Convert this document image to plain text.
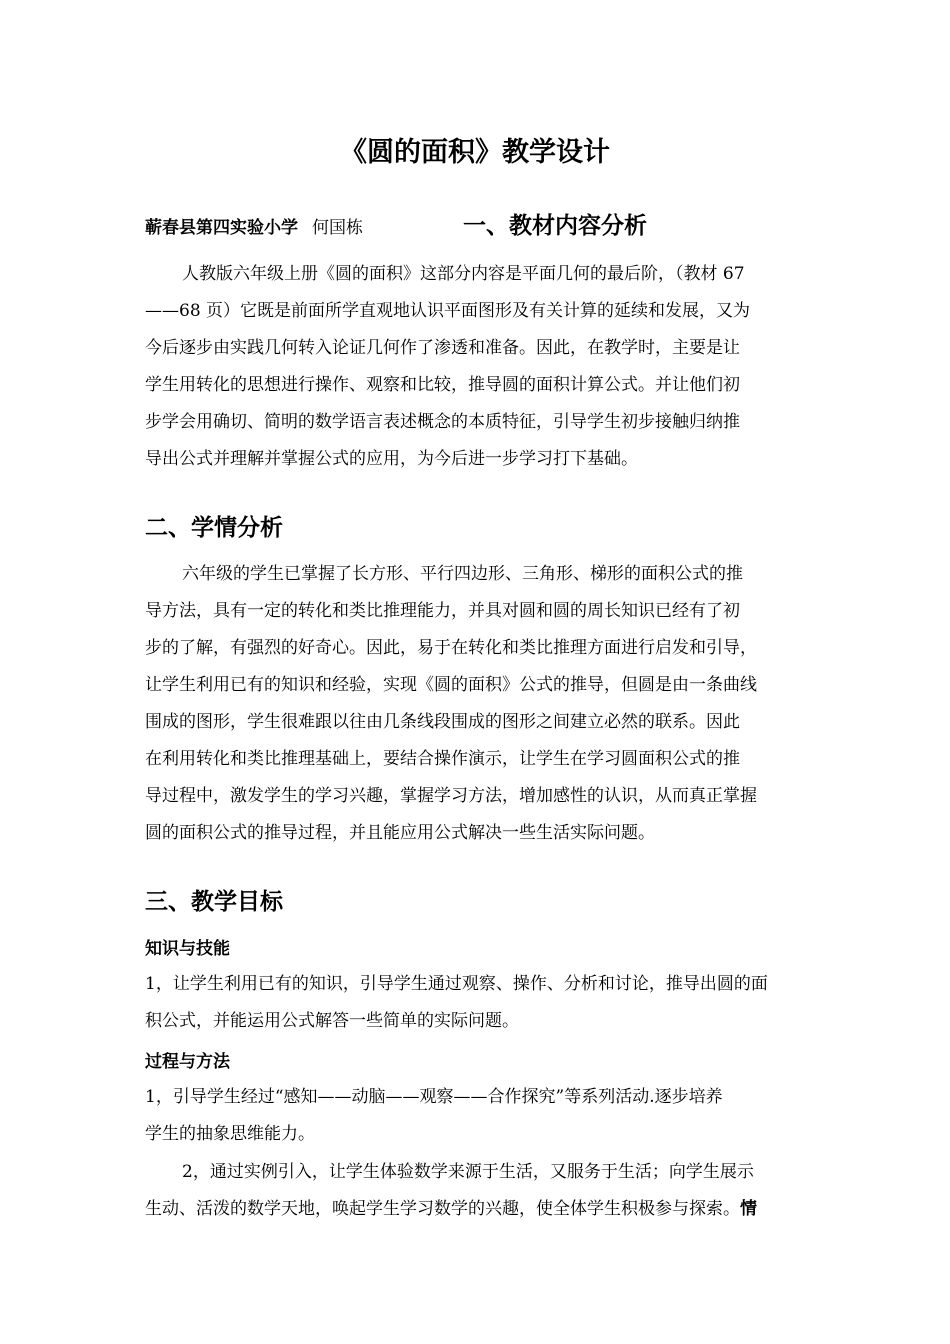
《圆的面积》教学设计
蕲春县第四实验小学 何国栋	一、教材内容分析
人教版六年级上册《圆的面积》这部分内容是平面几何的最后阶，（教材 67
——68 页）它既是前面所学直观地认识平面图形及有关计算的延续和发展，又为
今后逐步由实践几何转入论证几何作了渗透和准备。因此，在教学时，主要是让
学生用转化的思想进行操作、观察和比较，推导圆的面积计算公式。并让他们初
步学会用确切、简明的数学语言表述概念的本质特征，引导学生初步接触归纳推
导出公式并理解并掌握公式的应用，为今后进一步学习打下基础。
二、学情分析
六年级的学生已掌握了长方形、平行四边形、三角形、梯形的面积公式的推
导方法，具有一定的转化和类比推理能力，并具对圆和圆的周长知识已经有了初
步的了解，有强烈的好奇心。因此，易于在转化和类比推理方面进行启发和引导，
让学生利用已有的知识和经验，实现《圆的面积》公式的推导，但圆是由一条曲线
围成的图形，学生很难跟以往由几条线段围成的图形之间建立必然的联系。因此
在利用转化和类比推理基础上，要结合操作演示，让学生在学习圆面积公式的推
导过程中，激发学生的学习兴趣，掌握学习方法，增加感性的认识，从而真正掌握
圆的面积公式的推导过程，并且能应用公式解决一些生活实际问题。
三、教学目标
知识与技能
1，让学生利用已有的知识，引导学生通过观察、操作、分析和讨论，推导出圆的面
积公式，并能运用公式解答一些简单的实际问题。
过程与方法
1，引导学生经过“感知——动脑——观察——合作探究”等系列活动.逐步培养
学生的抽象思维能力。
2，通过实例引入，让学生体验数学来源于生活，又服务于生活；向学生展示
生动、活泼的数学天地，唤起学生学习数学的兴趣，使全体学生积极参与探索。情
